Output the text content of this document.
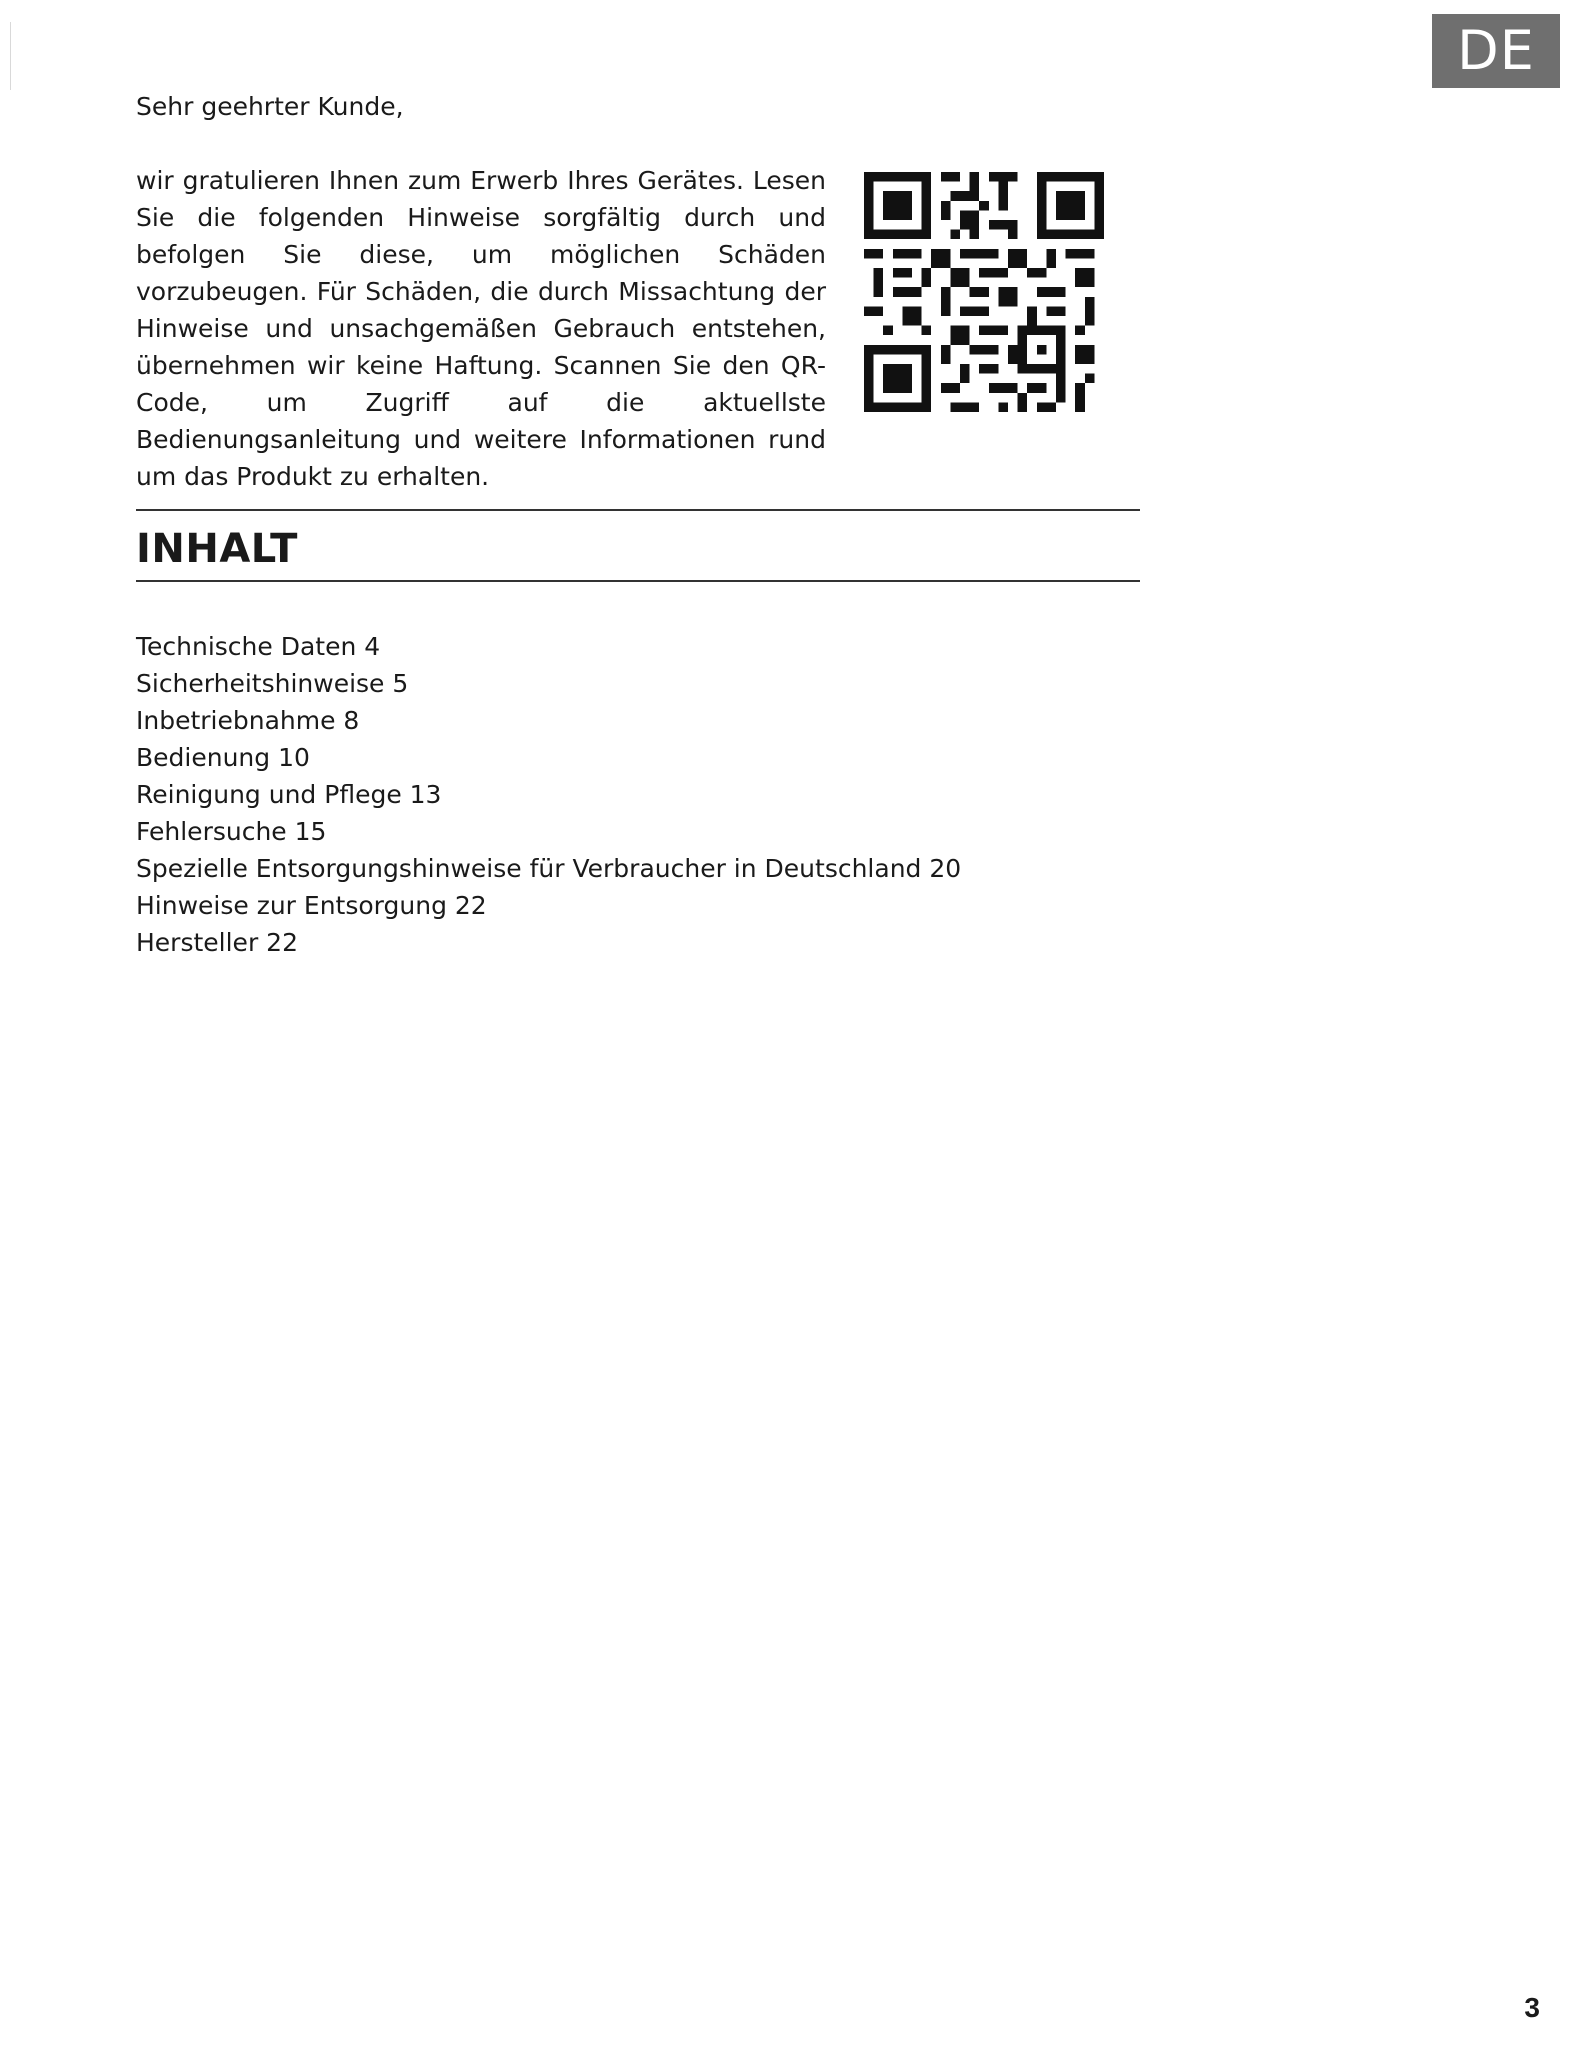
DE
Sehr geehrter Kunde,
wir gratulieren Ihnen zum Erwerb Ihres Gerätes. Lesen Sie die folgenden Hinweise sorgfältig durch und befolgen Sie diese, um möglichen Schäden vorzubeugen. Für Schäden, die durch Missachtung der Hinweise und unsachgemäßen Gebrauch entstehen, übernehmen wir keine Haftung. Scannen Sie den QR-Code, um Zugriff auf die aktuellste Bedienungsanleitung und weitere Informationen rund um das Produkt zu erhalten.
INHALT
Technische Daten 4
Sicherheitshinweise 5
Inbetriebnahme 8
Bedienung 10
Reinigung und Pflege 13
Fehlersuche 15
Spezielle Entsorgungshinweise für Verbraucher in Deutschland 20
Hinweise zur Entsorgung 22
Hersteller 22
3
